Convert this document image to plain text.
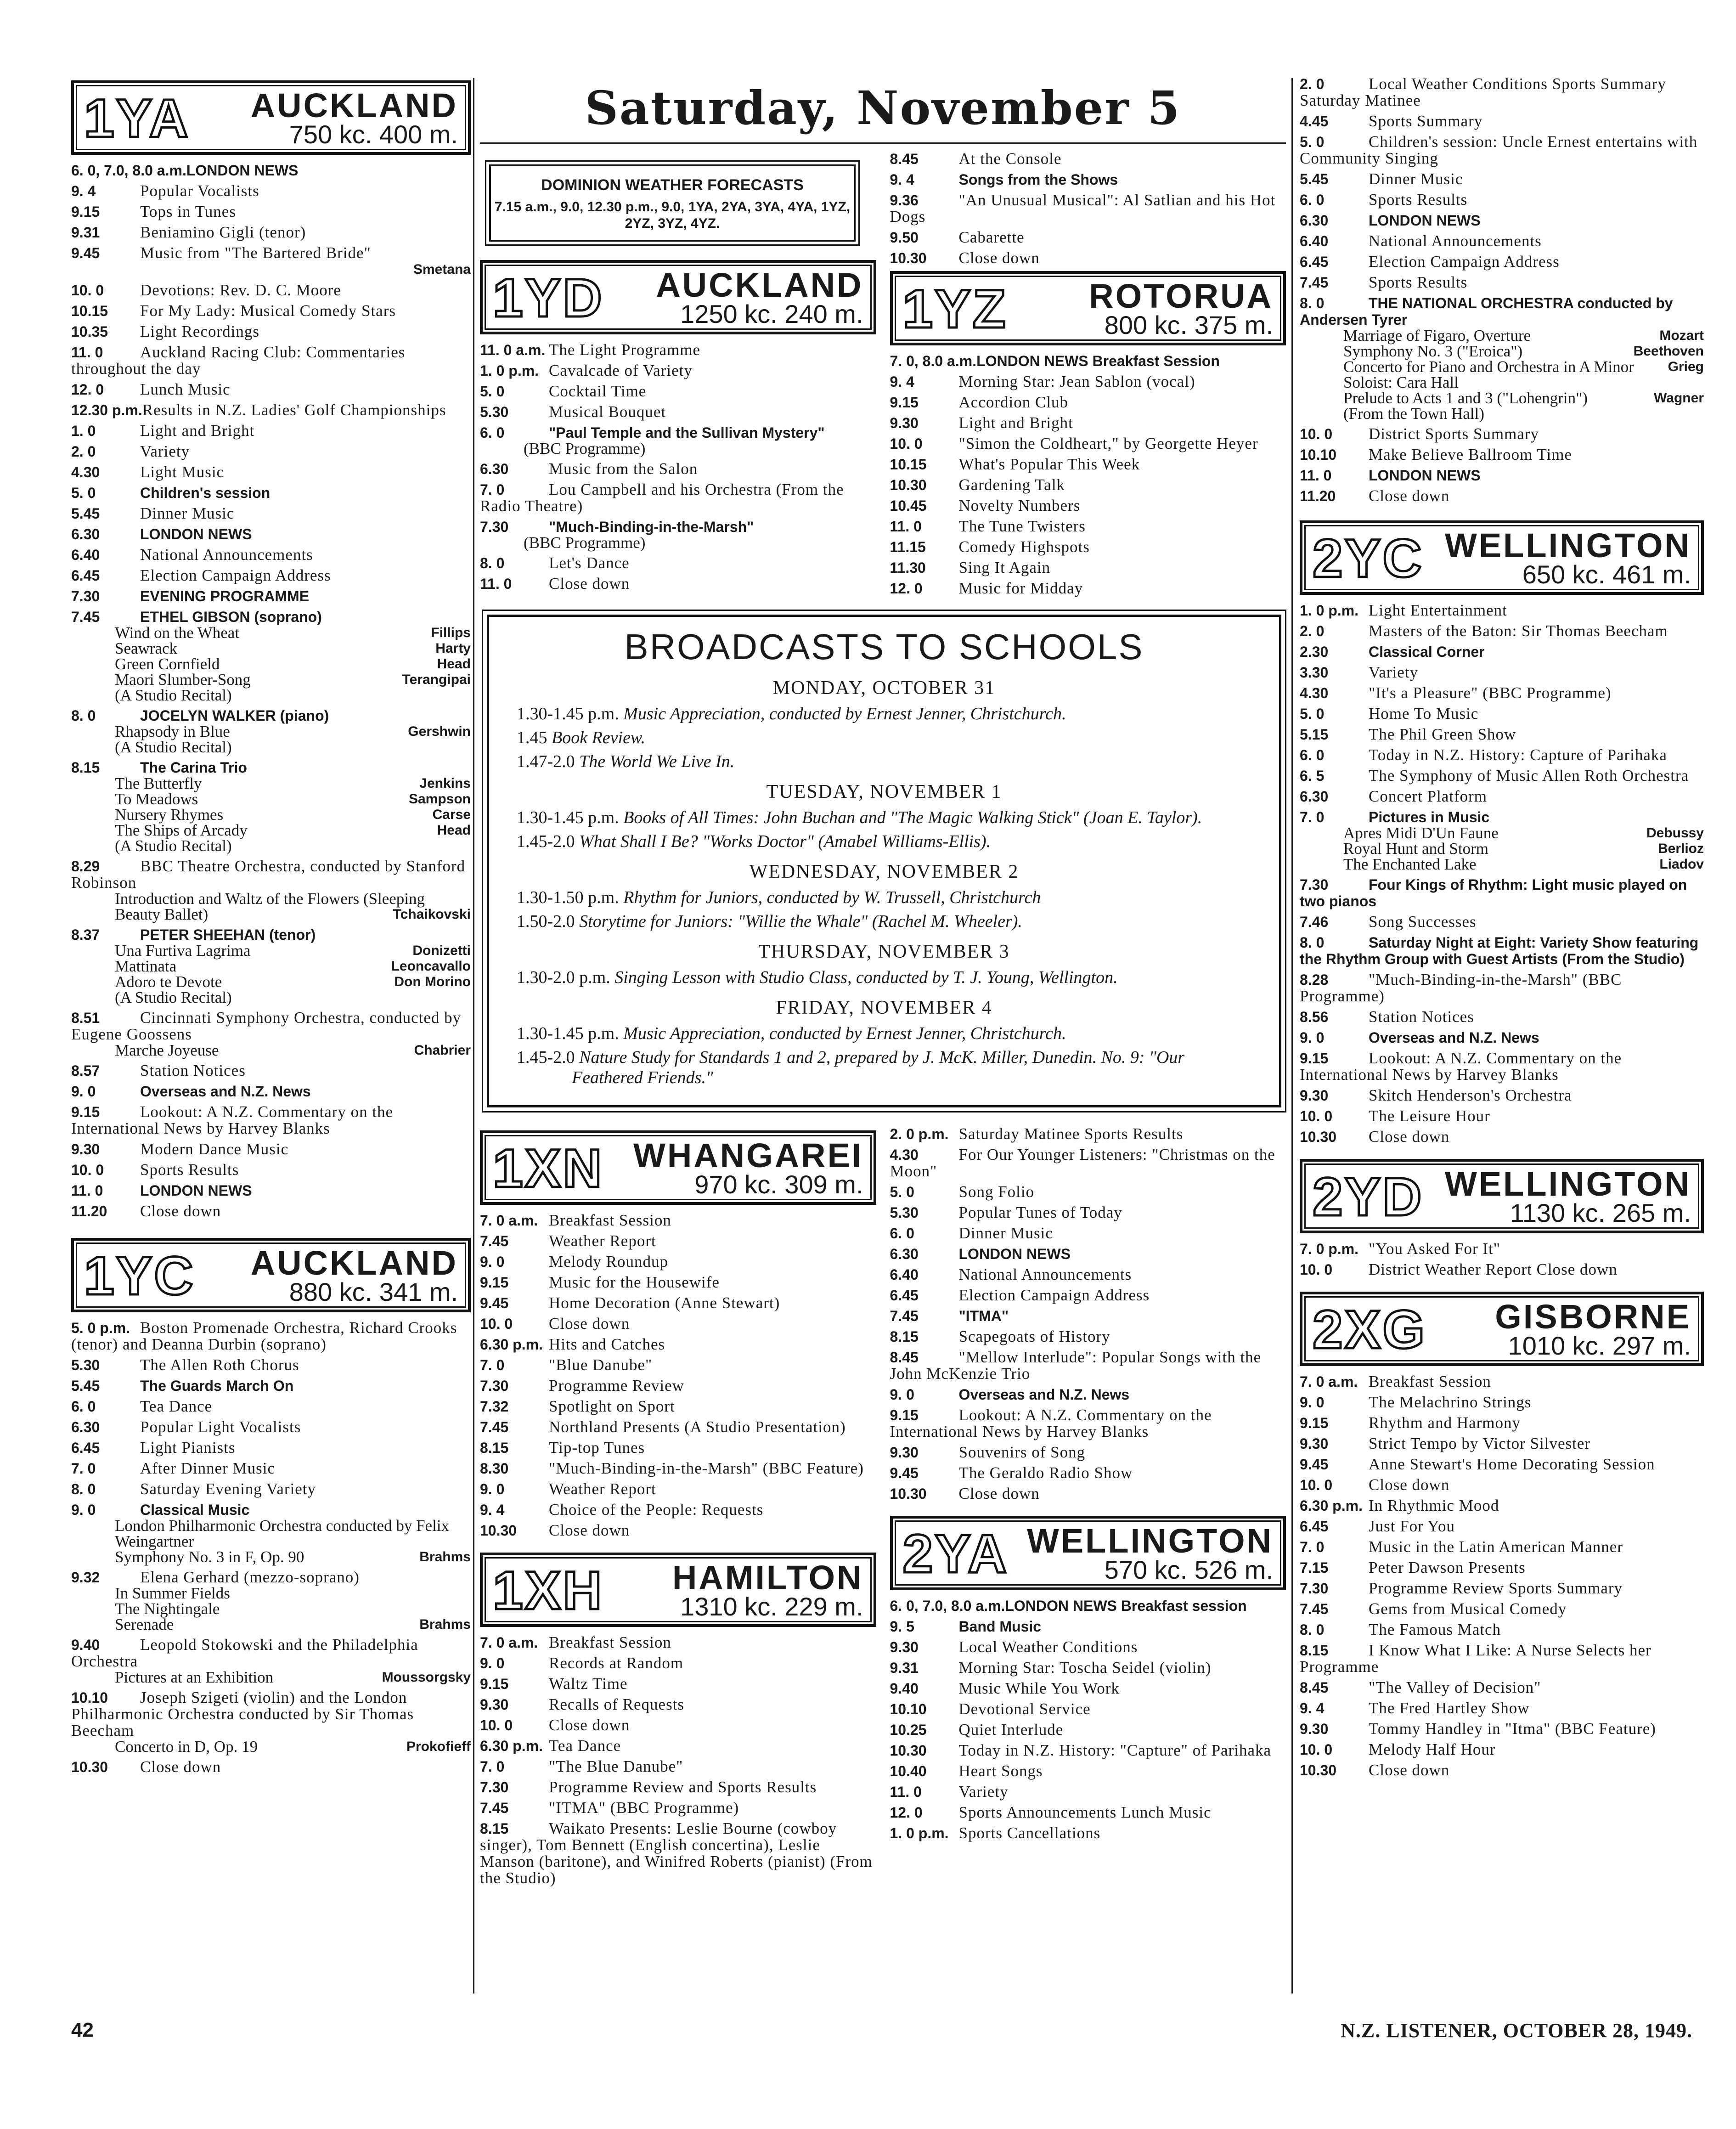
1YA AUCKLAND
750 kc. 400 m.
6. 0, 7.0, 8.0 a.m.LONDON NEWS
9. 4	Popular Vocalists
9.15	Tops in Tunes
9.31	Beniamino Gigli (tenor)
9.45	Music from "The Bartered Bride"
Smetana
10. 0 Devotions: Rev. D. C. Moore
10.15 For My Lady: Musical Comedy Stars
10.35 Light Recordings
11. 0 Auckland Racing Club: Commentaries throughout the day
12. 0 Lunch Music
12.30 p.m.Results in N.Z. Ladies' Golf Championships
1. 0	Light and Bright
2. 0	Variety
4.30	Light Music
5. 0	Children's session
5.45	Dinner Music
6.30	LONDON NEWS
6.40	National Announcements
6.45	Election Campaign Address
7.30	EVENING PROGRAMME
7.45	ETHEL GIBSON (soprano)
Wind on the Wheat	Fillips
Seawrack	Harty
Green Cornfield	Head
Maori Slumber-Song	Terangipai
(A Studio Recital)
8. 0	JOCELYN WALKER (piano)
Rhapsody in Blue	Gershwin
(A Studio Recital)
8.15	The Carina Trio
The Butterfly	Jenkins
To Meadows	Sampson
Nursery Rhymes	Carse
The Ships of Arcady	Head
(A Studio Recital)
8.29	BBC Theatre Orchestra, conducted by Stanford Robinson
Introduction and Waltz of the Flowers (Sleeping Beauty Ballet)	Tchaikovski
8.37	PETER SHEEHAN (tenor)
Una Furtiva Lagrima	Donizetti
Mattinata	Leoncavallo
Adoro te Devote	Don Morino
(A Studio Recital)
8.51	Cincinnati Symphony Orchestra, conducted by Eugene Goossens
Marche Joyeuse	Chabrier
8.57	Station Notices
9. 0	Overseas and N.Z. News
9.15	Lookout: A N.Z. Commentary on the International News by Harvey Blanks
9.30	Modern Dance Music
10. 0 Sports Results
11. 0	LONDON NEWS
11.20 Close down
1YC AUCKLAND
880 kc. 341 m.
5. 0 p.m. Boston Promenade Orchestra, Richard Crooks (tenor) and Deanna Durbin (soprano)
5.30	The Allen Roth Chorus
5.45	The Guards March On
6. 0	Tea Dance
6.30	Popular Light Vocalists
6.45	Light Pianists
7. 0	After Dinner Music
8. 0	Saturday Evening Variety
9. 0	Classical Music
London Philharmonic Orchestra conducted by Felix Weingartner
Symphony No. 3 in F, Op. 90	Brahms
9.32	Elena Gerhard (mezzo-soprano)
In Summer Fields
The Nightingale
Serenade	Brahms
9.40	Leopold Stokowski and the Philadelphia Orchestra
Pictures at an Exhibition	Moussorgsky
10.10 Joseph Szigeti (violin) and the London Philharmonic Orchestra conducted by Sir Thomas Beecham
Concerto in D, Op. 19	Prokofieff
10.30 Close down
Saturday, November 5
DOMINION WEATHER FORECASTS
7.15 a.m., 9.0, 12.30 p.m., 9.0, 1YA, 2YA, 3YA, 4YA, 1YZ, 2YZ, 3YZ, 4YZ.
1YD AUCKLAND
1250 kc. 240 m.
11. 0 a.m. The Light Programme
1. 0 p.m. Cavalcade of Variety
5. 0	Cocktail Time
5.30	Musical Bouquet
6. 0	"Paul Temple and the Sullivan Mystery"
(BBC Programme)
6.30	Music from the Salon
7. 0	Lou Campbell and his Orchestra (From the Radio Theatre)
7.30	"Much-Binding-in-the-Marsh"
(BBC Programme)
8. 0	Let's Dance
11. 0 Close down
8.45	At the Console
9. 4	Songs from the Shows
9.36	"An Unusual Musical": Al Satlian and his Hot Dogs
9.50	Cabarette
10.30 Close down
1YZ ROTORUA
800 kc. 375 m.
7. 0, 8.0 a.m.LONDON NEWS Breakfast Session
9. 4	Morning Star: Jean Sablon (vocal)
9.15	Accordion Club
9.30	Light and Bright
10. 0 "Simon the Coldheart," by Georgette Heyer
10.15 What's Popular This Week
10.30 Gardening Talk
10.45 Novelty Numbers
11. 0 The Tune Twisters
11.15 Comedy Highspots
11.30 Sing It Again
12. 0 Music for Midday
BROADCASTS TO SCHOOLS
MONDAY, OCTOBER 31
1.30-1.45 p.m. Music Appreciation, conducted by Ernest Jenner, Christchurch.
1.45 Book Review.
1.47-2.0 The World We Live In.
TUESDAY, NOVEMBER 1
1.30-1.45 p.m. Books of All Times: John Buchan and "The Magic Walking Stick" (Joan E. Taylor).
1.45-2.0 What Shall I Be? "Works Doctor" (Amabel Williams-Ellis).
WEDNESDAY, NOVEMBER 2
1.30-1.50 p.m. Rhythm for Juniors, conducted by W. Trussell, Christchurch
1.50-2.0 Storytime for Juniors: "Willie the Whale" (Rachel M. Wheeler).
THURSDAY, NOVEMBER 3
1.30-2.0 p.m. Singing Lesson with Studio Class, conducted by T. J. Young, Wellington.
FRIDAY, NOVEMBER 4
1.30-1.45 p.m. Music Appreciation, conducted by Ernest Jenner, Christchurch.
1.45-2.0 Nature Study for Standards 1 and 2, prepared by J. McK. Miller, Dunedin. No. 9: "Our Feathered Friends."
1XN WHANGAREI
970 kc. 309 m.
7. 0 a.m. Breakfast Session
7.45	Weather Report
9. 0	Melody Roundup
9.15	Music for the Housewife
9.45	Home Decoration (Anne Stewart)
10. 0 Close down
6.30 p.m. Hits and Catches
7. 0	"Blue Danube"
7.30	Programme Review
7.32	Spotlight on Sport
7.45	Northland Presents (A Studio Presentation)
8.15	Tip-top Tunes
8.30	"Much-Binding-in-the-Marsh" (BBC Feature)
9. 0	Weather Report
9. 4	Choice of the People: Requests
10.30 Close down
1XH HAMILTON
1310 kc. 229 m.
7. 0 a.m. Breakfast Session
9. 0	Records at Random
9.15	Waltz Time
9.30	Recalls of Requests
10. 0 Close down
6.30 p.m. Tea Dance
7. 0	"The Blue Danube"
7.30	Programme Review and Sports Results
7.45	"ITMA" (BBC Programme)
8.15	Waikato Presents: Leslie Bourne (cowboy singer), Tom Bennett (English concertina), Leslie Manson (baritone), and Winifred Roberts (pianist) (From the Studio)
2. 0 p.m. Saturday Matinee Sports Results
4.30	For Our Younger Listeners: "Christmas on the Moon"
5. 0	Song Folio
5.30	Popular Tunes of Today
6. 0	Dinner Music
6.30	LONDON NEWS
6.40	National Announcements
6.45	Election Campaign Address
7.45	"ITMA"
8.15	Scapegoats of History
8.45	"Mellow Interlude": Popular Songs with the John McKenzie Trio
9. 0	Overseas and N.Z. News
9.15	Lookout: A N.Z. Commentary on the International News by Harvey Blanks
9.30	Souvenirs of Song
9.45	The Geraldo Radio Show
10.30 Close down
2YA WELLINGTON
570 kc. 526 m.
6. 0, 7.0, 8.0 a.m.LONDON NEWS Breakfast session
9. 5	Band Music
9.30	Local Weather Conditions
9.31	Morning Star: Toscha Seidel (violin)
9.40	Music While You Work
10.10 Devotional Service
10.25 Quiet Interlude
10.30 Today in N.Z. History: "Capture" of Parihaka
10.40 Heart Songs
11. 0 Variety
12. 0 Sports Announcements Lunch Music
1. 0 p.m. Sports Cancellations
2. 0	Local Weather Conditions Sports Summary Saturday Matinee
4.45	Sports Summary
5. 0	Children's session: Uncle Ernest entertains with Community Singing
5.45	Dinner Music
6. 0	Sports Results
6.30	LONDON NEWS
6.40	National Announcements
6.45	Election Campaign Address
7.45	Sports Results
8. 0	THE NATIONAL ORCHESTRA conducted by Andersen Tyrer
Marriage of Figaro, Overture	Mozart
Symphony No. 3 ("Eroica")	Beethoven
Concerto for Piano and Orchestra in A Minor Grieg
Soloist: Cara Hall
Prelude to Acts 1 and 3 ("Lohengrin")	Wagner
(From the Town Hall)
10. 0 District Sports Summary
10.10 Make Believe Ballroom Time
11. 0	LONDON NEWS
11.20 Close down
2YC WELLINGTON
650 kc. 461 m.
1. 0 p.m. Light Entertainment
2. 0	Masters of the Baton: Sir Thomas Beecham
2.30	Classical Corner
3.30	Variety
4.30	"It's a Pleasure" (BBC Programme)
5. 0	Home To Music
5.15	The Phil Green Show
6. 0	Today in N.Z. History: Capture of Parihaka
6. 5	The Symphony of Music Allen Roth Orchestra
6.30	Concert Platform
7. 0	Pictures in Music
Apres Midi D'Un Faune	Debussy
Royal Hunt and Storm	Berlioz
The Enchanted Lake	Liadov
7.30	Four Kings of Rhythm: Light music played on two pianos
7.46	Song Successes
8. 0	Saturday Night at Eight: Variety Show featuring the Rhythm Group with Guest Artists (From the Studio)
8.28	"Much-Binding-in-the-Marsh" (BBC Programme)
8.56	Station Notices
9. 0	Overseas and N.Z. News
9.15	Lookout: A N.Z. Commentary on the International News by Harvey Blanks
9.30	Skitch Henderson's Orchestra
10. 0 The Leisure Hour
10.30 Close down
2YD WELLINGTON
1130 kc. 265 m.
7. 0 p.m. "You Asked For It"
10. 0 District Weather Report Close down
2XG GISBORNE
1010 kc. 297 m.
7. 0 a.m. Breakfast Session
9. 0	The Melachrino Strings
9.15	Rhythm and Harmony
9.30	Strict Tempo by Victor Silvester
9.45	Anne Stewart's Home Decorating Session
10. 0 Close down
6.30 p.m. In Rhythmic Mood
6.45	Just For You
7. 0	Music in the Latin American Manner
7.15	Peter Dawson Presents
7.30	Programme Review Sports Summary
7.45	Gems from Musical Comedy
8. 0	The Famous Match
8.15	I Know What I Like: A Nurse Selects her Programme
8.45	"The Valley of Decision"
9. 4	The Fred Hartley Show
9.30	Tommy Handley in "Itma" (BBC Feature)
10. 0 Melody Half Hour
10.30 Close down
42	N.Z. LISTENER, OCTOBER 28, 1949.
